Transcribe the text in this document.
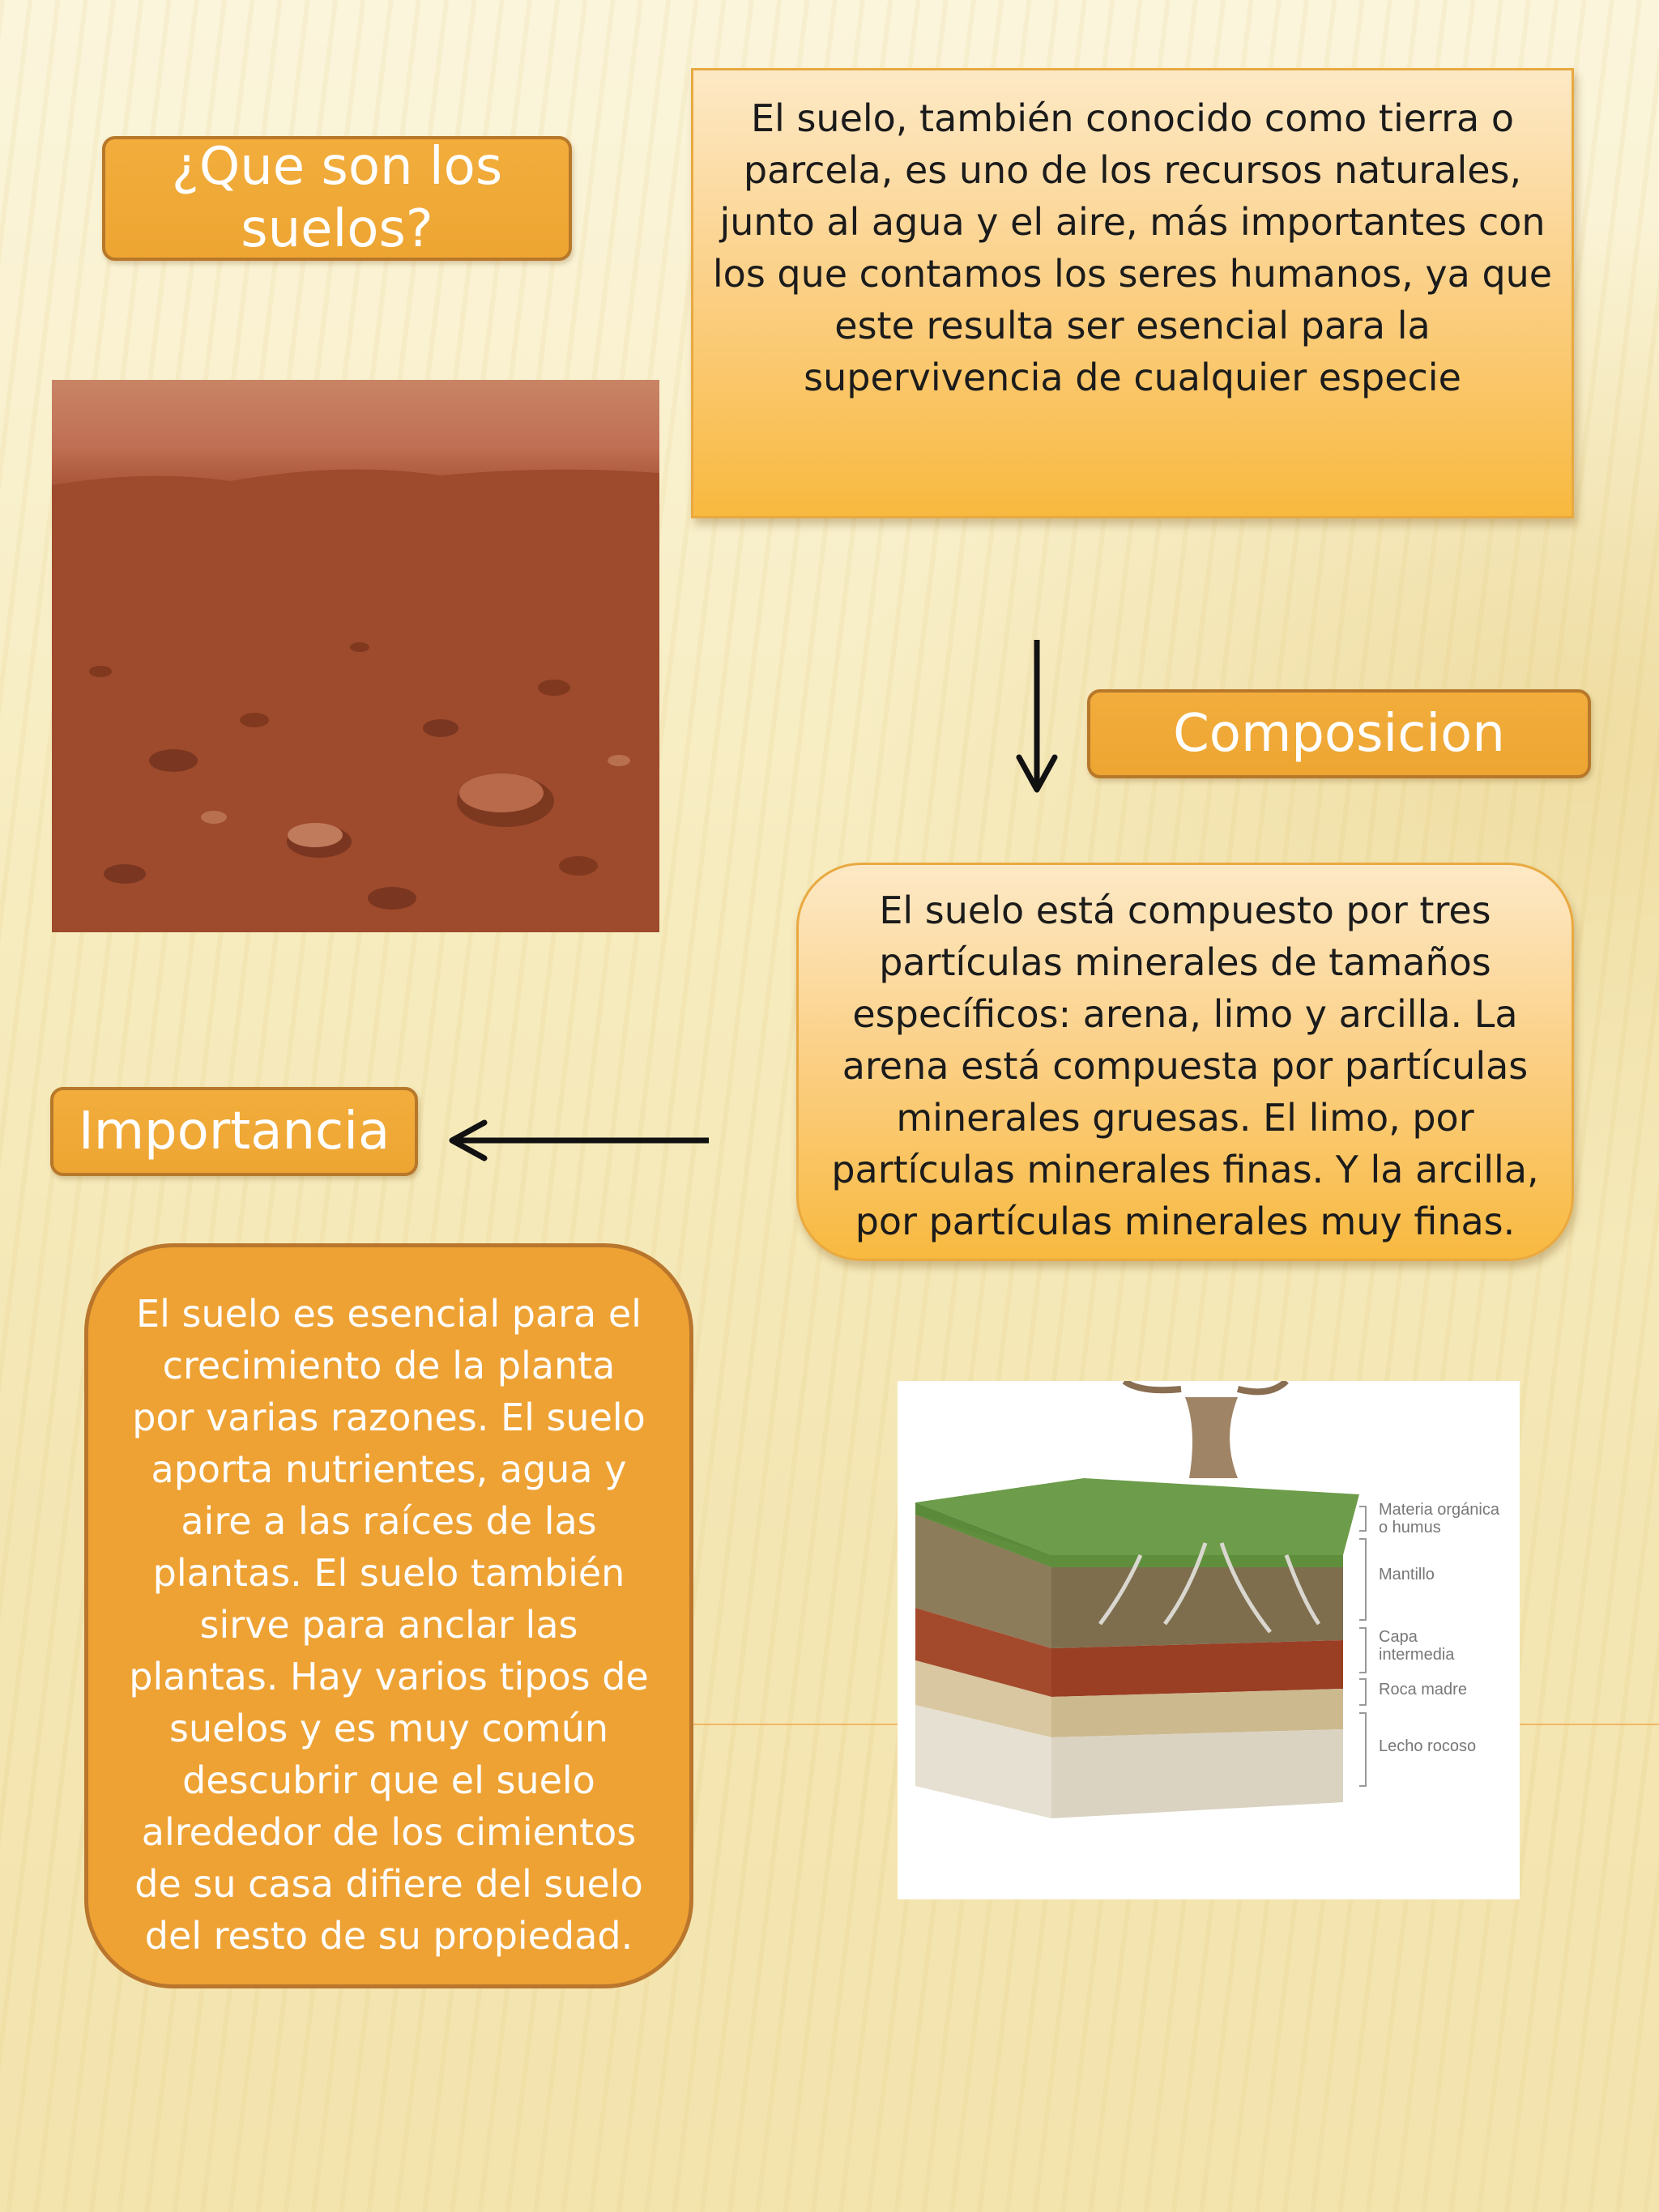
¿Que son los
suelos?
El suelo, también conocido como tierra o
parcela, es uno de los recursos naturales,
junto al agua y el aire, más importantes con
los que contamos los seres humanos, ya que
este resulta ser esencial para la
supervivencia de cualquier especie
Composicion
El suelo está compuesto por tres
partículas minerales de tamaños
específicos: arena, limo y arcilla. La
arena está compuesta por partículas
minerales gruesas. El limo, por
partículas minerales finas. Y la arcilla,
por partículas minerales muy finas.
Importancia
El suelo es esencial para el
crecimiento de la planta
por varias razones. El suelo
aporta nutrientes, agua y
aire a las raíces de las
plantas. El suelo también
sirve para anclar las
plantas. Hay varios tipos de
suelos y es muy común
descubrir que el suelo
alrededor de los cimientos
de su casa difiere del suelo
del resto de su propiedad.
Materia orgánica
o humus
Mantillo
Capa
intermedia
Roca madre
Lecho rocoso
